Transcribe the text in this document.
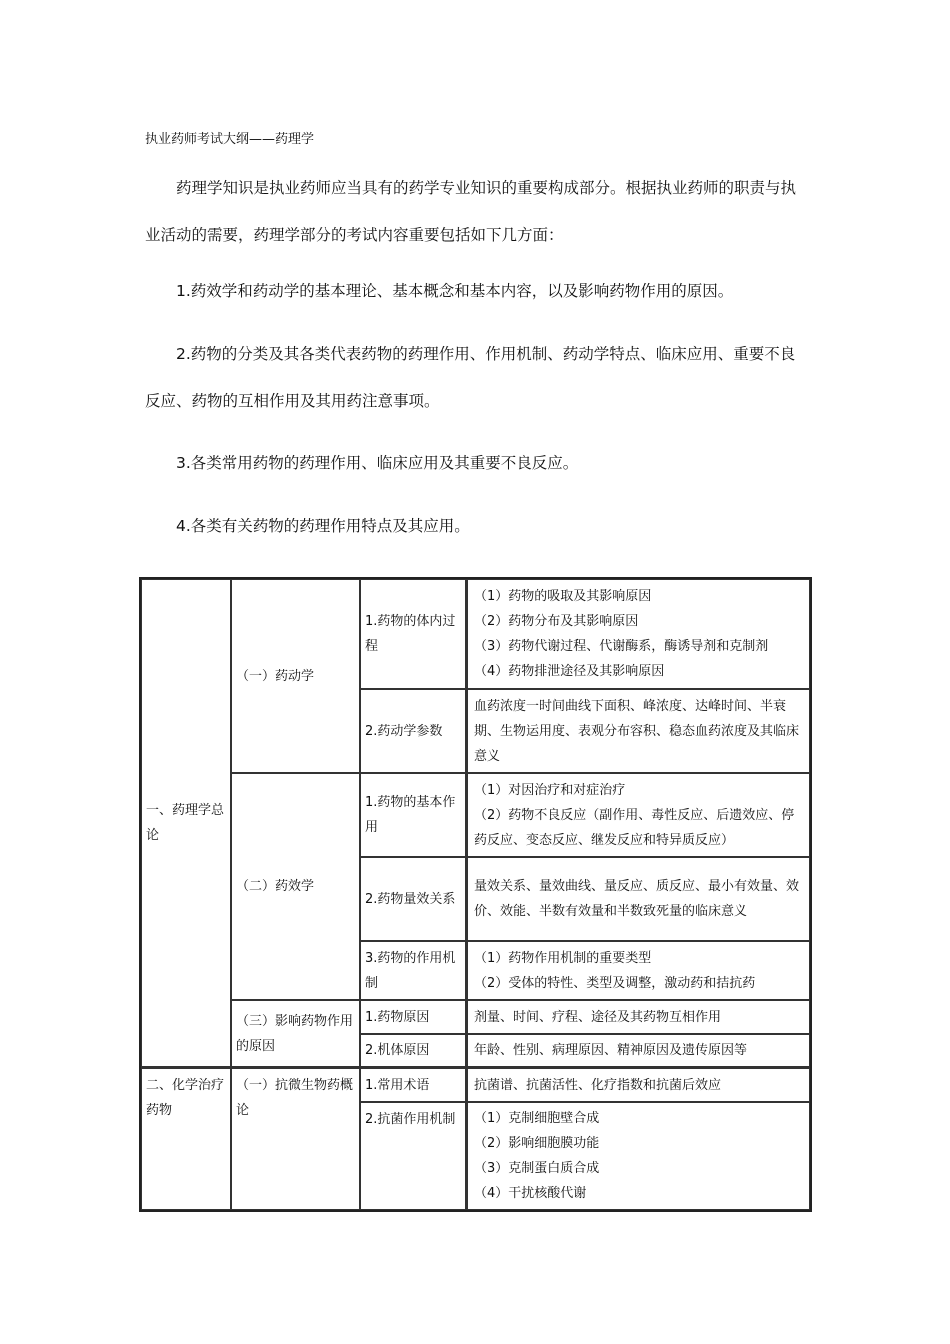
执业药师考试大纲——药理学
药理学知识是执业药师应当具有的药学专业知识的重要构成部分。根据执业药师的职责与执业活动的需要，药理学部分的考试内容重要包括如下几方面：
1.药效学和药动学的基本理论、基本概念和基本内容，以及影响药物作用的原因。
2.药物的分类及其各类代表药物的药理作用、作用机制、药动学特点、临床应用、重要不良反应、药物的互相作用及其用药注意事项。
3.各类常用药物的药理作用、临床应用及其重要不良反应。
4.各类有关药物的药理作用特点及其应用。
一、药理学总论	（一）药动学	1.药物的体内过程	（1）药物的吸取及其影响原因
（2）药物分布及其影响原因
（3）药物代谢过程、代谢酶系，酶诱导剂和克制剂
（4）药物排泄途径及其影响原因

		2.药动学参数	血药浓度一时间曲线下面积、峰浓度、达峰时间、半衰期、生物运用度、表观分布容积、稳态血药浓度及其临床意义

	（二）药效学	1.药物的基本作用	（1）对因治疗和对症治疗
（2）药物不良反应（副作用、毒性反应、后遗效应、停药反应、变态反应、继发反应和特异质反应）

		2.药物量效关系	量效关系、量效曲线、量反应、质反应、最小有效量、效价、效能、半数有效量和半数致死量的临床意义

		3.药物的作用机制	（1）药物作用机制的重要类型
（2）受体的特性、类型及调整，激动药和拮抗药

	（三）影响药物作用的原因	1.药物原因	剂量、时间、疗程、途径及其药物互相作用

		2.机体原因	年龄、性别、病理原因、精神原因及遗传原因等

二、化学治疗药物	（一）抗微生物药概论	1.常用术语	抗菌谱、抗菌活性、化疗指数和抗菌后效应

		2.抗菌作用机制	（1）克制细胞壁合成
（2）影响细胞膜功能
（3）克制蛋白质合成
（4）干扰核酸代谢
